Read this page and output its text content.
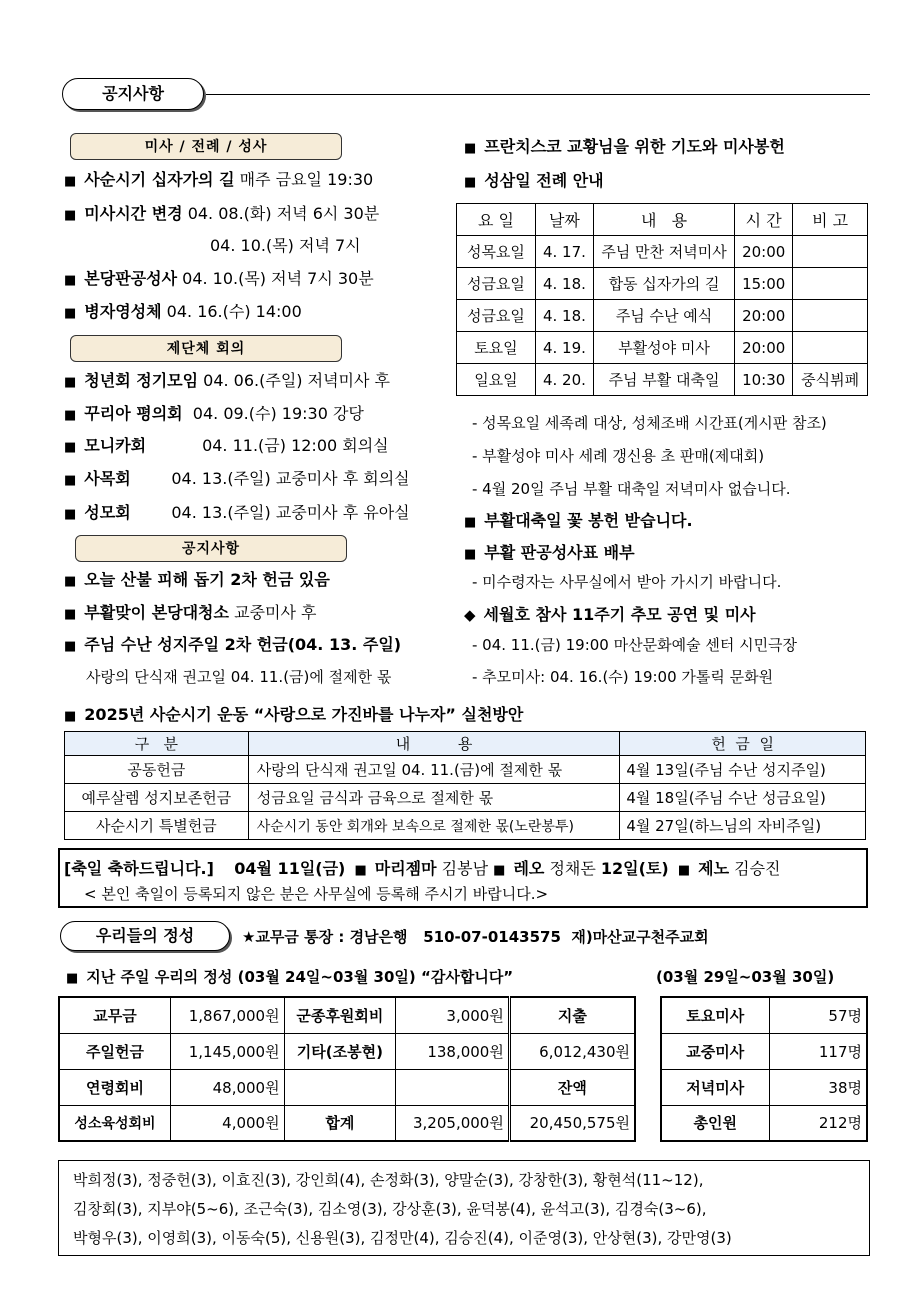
공지사항
미사 / 전례 / 성사
■ 사순시기 십자가의 길 매주 금요일 19:30
■ 미사시간 변경 04. 08.(화) 저녁 6시 30분
04. 10.(목) 저녁 7시
■ 본당판공성사 04. 10.(목) 저녁 7시 30분
■ 병자영성체 04. 16.(수) 14:00
제단체 회의
■ 청년회 정기모임 04. 06.(주일) 저녁미사 후
■ 꾸리아 평의회  04. 09.(수) 19:30 강당
■ 모니카회           04. 11.(금) 12:00 회의실
■ 사목회        04. 13.(주일) 교중미사 후 회의실
■ 성모회        04. 13.(주일) 교중미사 후 유아실
공지사항
■ 오늘 산불 피해 돕기 2차 헌금 있음
■ 부활맞이 본당대청소 교중미사 후
■ 주님 수난 성지주일 2차 헌금(04. 13. 주일)
사랑의 단식재 권고일 04. 11.(금)에 절제한 몫
■ 프란치스코 교황님을 위한 기도와 미사봉헌
■ 성삼일 전례 안내
요 일	날짜	내   용	시 간	비 고
성목요일	4. 17.	주님 만찬 저녁미사	20:00	
성금요일	4. 18.	합동 십자가의 길	15:00	
성금요일	4. 18.	주님 수난 예식	20:00	
토요일	4. 19.	부활성야 미사	20:00	
일요일	4. 20.	주님 부활 대축일	10:30	중식뷔페
- 성목요일 세족례 대상, 성체조배 시간표(게시판 참조)
- 부활성야 미사 세례 갱신용 초 판매(제대회)
- 4월 20일 주님 부활 대축일 저녁미사 없습니다.
■ 부활대축일 꽃 봉헌 받습니다.
■ 부활 판공성사표 배부
- 미수령자는 사무실에서 받아 가시기 바랍니다.
◆ 세월호 참사 11주기 추모 공연 및 미사
- 04. 11.(금) 19:00 마산문화예술 센터 시민극장
- 추모미사: 04. 16.(수) 19:00 가톨릭 문화원
■ 2025년 사순시기 운동 “사랑으로 가진바를 나누자” 실천방안
구   분	내          용	헌  금  일
공동헌금	사랑의 단식재 권고일 04. 11.(금)에 절제한 몫	4월 13일(주님 수난 성지주일)
예루살렘 성지보존헌금	성금요일 금식과 금육으로 절제한 몫	4월 18일(주님 수난 성금요일)
사순시기 특별헌금	사순시기 동안 회개와 보속으로 절제한 몫(노란봉투)	4월 27일(하느님의 자비주일)
[축일 축하드립니다.] 04월 11일(금) ■ 마리젬마 김봉남 ■ 레오 정채돈 12일(토) ■ 제노 김승진
< 본인 축일이 등록되지 않은 분은 사무실에 등록해 주시기 바랍니다.>
우리들의 정성	★교무금 통장 : 경남은행   510-07-0143575  재)마산교구천주교회
■ 지난 주일 우리의 정성 (03월 24일~03월 30일) “감사합니다”	(03월 29일~03월 30일)
교무금	1,867,000원	군종후원회비	3,000원	지출
주일헌금	1,145,000원	기타(조봉현)	138,000원	6,012,430원
연령회비	48,000원			잔액
성소육성회비	4,000원	합계	3,205,000원	20,450,575원
토요미사	57명
교중미사	117명
저녁미사	38명
총인원	212명
박희정(3), 정중헌(3), 이효진(3), 강인희(4), 손정화(3), 양말순(3), 강창한(3), 황현석(11~12),
김창회(3), 지부야(5~6), 조근숙(3), 김소영(3), 강상훈(3), 윤덕봉(4), 윤석고(3), 김경숙(3~6),
박형우(3), 이영희(3), 이동숙(5), 신용원(3), 김정만(4), 김승진(4), 이준영(3), 안상현(3), 강만영(3)
